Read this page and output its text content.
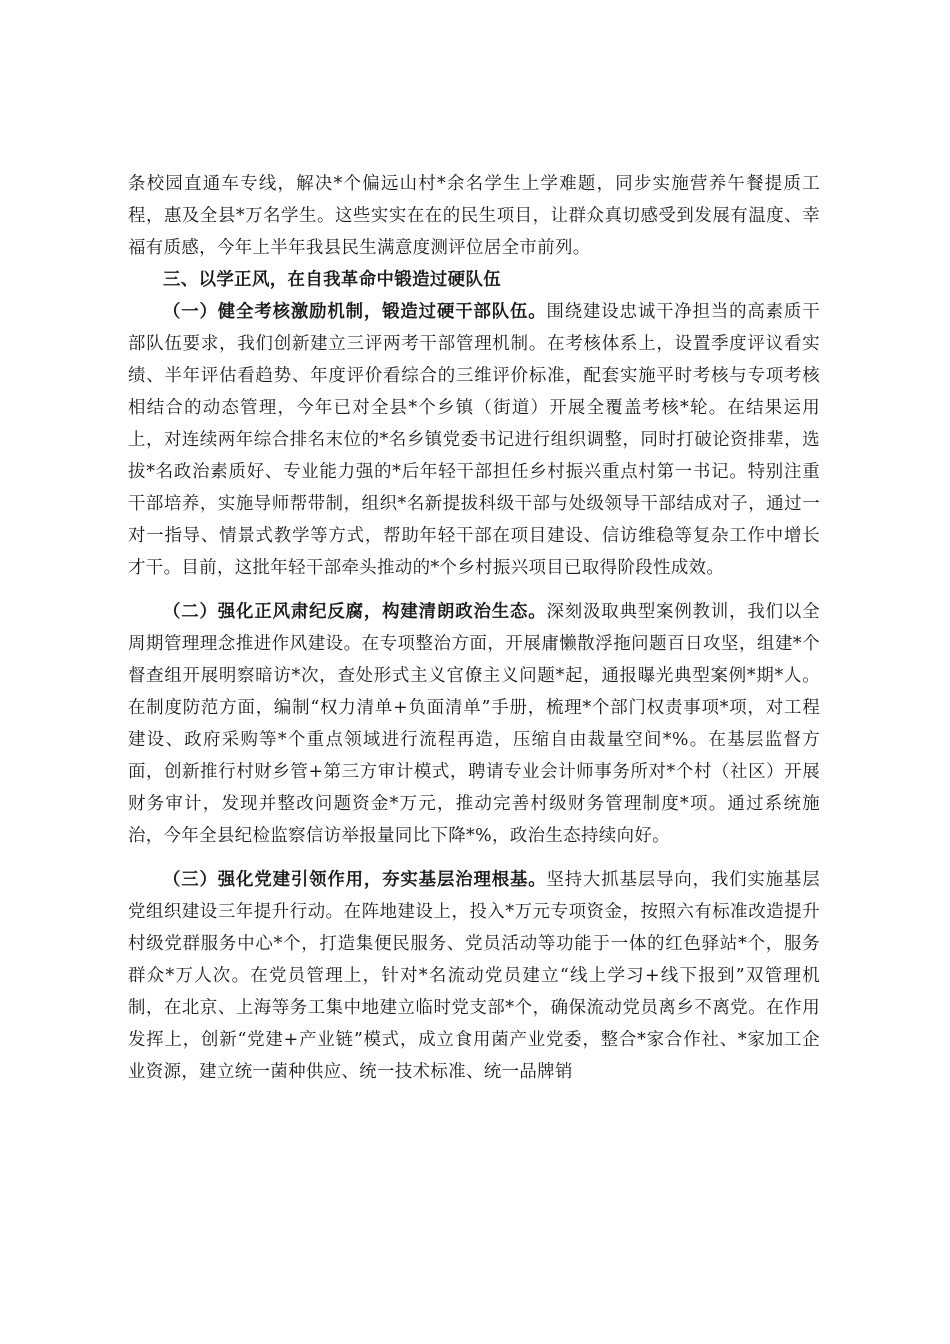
条校园直通车专线，解决*个偏远山村*余名学生上学难题，同步实施营养午餐提质工程，惠及全县*万名学生。这些实实在在的民生项目，让群众真切感受到发展有温度、幸福有质感，今年上半年我县民生满意度测评位居全市前列。

三、以学正风，在自我革命中锻造过硬队伍

（一）健全考核激励机制，锻造过硬干部队伍。围绕建设忠诚干净担当的高素质干部队伍要求，我们创新建立三评两考干部管理机制。在考核体系上，设置季度评议看实绩、半年评估看趋势、年度评价看综合的三维评价标准，配套实施平时考核与专项考核相结合的动态管理，今年已对全县*个乡镇（街道）开展全覆盖考核*轮。在结果运用上，对连续两年综合排名末位的*名乡镇党委书记进行组织调整，同时打破论资排辈，选拔*名政治素质好、专业能力强的*后年轻干部担任乡村振兴重点村第一书记。特别注重干部培养，实施导师帮带制，组织*名新提拔科级干部与处级领导干部结成对子，通过一对一指导、情景式教学等方式，帮助年轻干部在项目建设、信访维稳等复杂工作中增长才干。目前，这批年轻干部牵头推动的*个乡村振兴项目已取得阶段性成效。

（二）强化正风肃纪反腐，构建清朗政治生态。深刻汲取典型案例教训，我们以全周期管理理念推进作风建设。在专项整治方面，开展庸懒散浮拖问题百日攻坚，组建*个督查组开展明察暗访*次，查处形式主义官僚主义问题*起，通报曝光典型案例*期*人。在制度防范方面，编制“权力清单+负面清单”手册，梳理*个部门权责事项*项，对工程建设、政府采购等*个重点领域进行流程再造，压缩自由裁量空间*%。在基层监督方面，创新推行村财乡管+第三方审计模式，聘请专业会计师事务所对*个村（社区）开展财务审计，发现并整改问题资金*万元，推动完善村级财务管理制度*项。通过系统施治，今年全县纪检监察信访举报量同比下降*%，政治生态持续向好。

（三）强化党建引领作用，夯实基层治理根基。坚持大抓基层导向，我们实施基层党组织建设三年提升行动。在阵地建设上，投入*万元专项资金，按照六有标准改造提升村级党群服务中心*个，打造集便民服务、党员活动等功能于一体的红色驿站*个，服务群众*万人次。在党员管理上，针对*名流动党员建立“线上学习+线下报到”双管理机制，在北京、上海等务工集中地建立临时党支部*个，确保流动党员离乡不离党。在作用发挥上，创新“党建+产业链”模式，成立食用菌产业党委，整合*家合作社、*家加工企业资源，建立统一菌种供应、统一技术标准、统一品牌销
